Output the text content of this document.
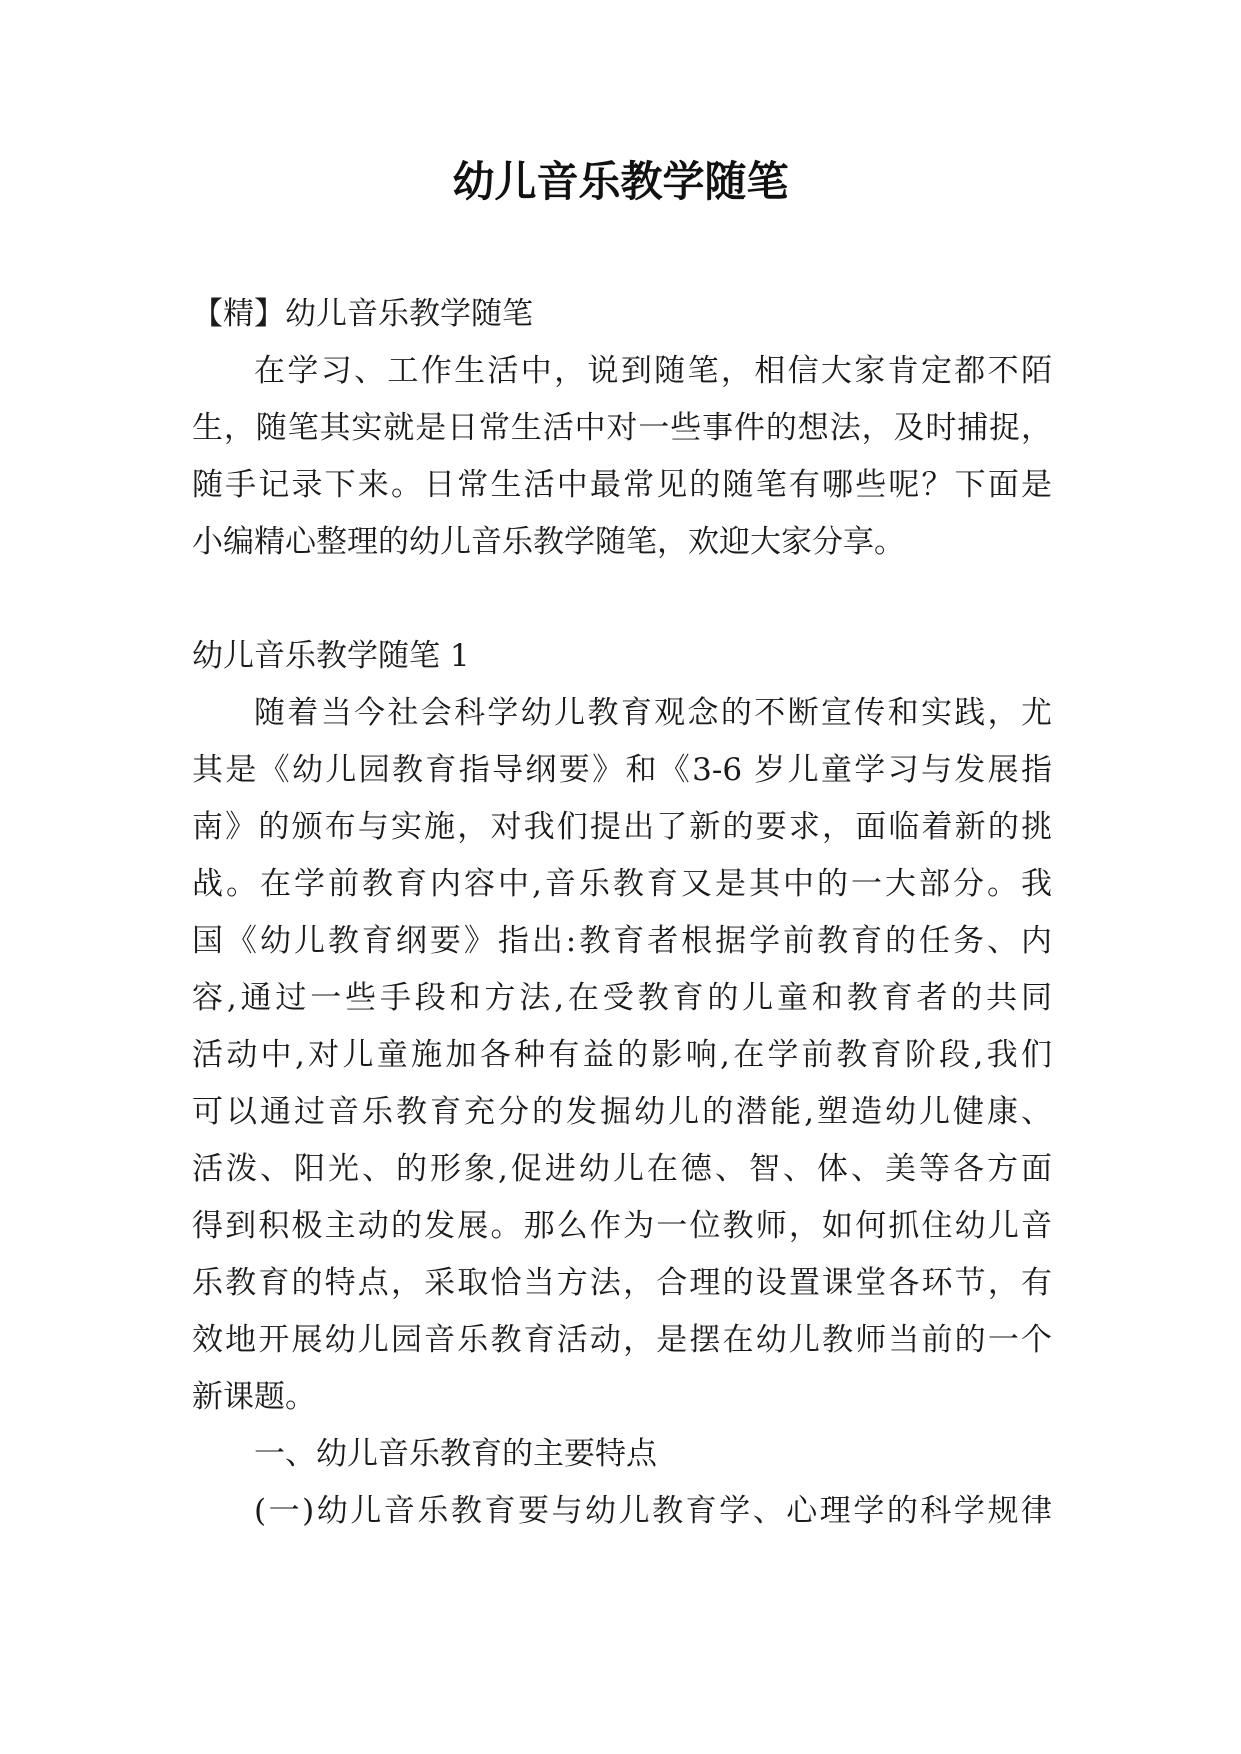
幼儿音乐教学随笔
【精】幼儿音乐教学随笔
在学习、工作生活中，说到随笔，相信大家肯定都不陌
生，随笔其实就是日常生活中对一些事件的想法，及时捕捉，
随手记录下来。日常生活中最常见的随笔有哪些呢？下面是
小编精心整理的幼儿音乐教学随笔，欢迎大家分享。
幼儿音乐教学随笔 1
随着当今社会科学幼儿教育观念的不断宣传和实践，尤
其是《幼儿园教育指导纲要》和《3-6 岁儿童学习与发展指
南》的颁布与实施，对我们提出了新的要求，面临着新的挑
战。在学前教育内容中,音乐教育又是其中的一大部分。我
国《幼儿教育纲要》指出:教育者根据学前教育的任务、内
容,通过一些手段和方法,在受教育的儿童和教育者的共同
活动中,对儿童施加各种有益的影响,在学前教育阶段,我们
可以通过音乐教育充分的发掘幼儿的潜能,塑造幼儿健康、
活泼、阳光、的形象,促进幼儿在德、智、体、美等各方面
得到积极主动的发展。那么作为一位教师，如何抓住幼儿音
乐教育的特点，采取恰当方法，合理的设置课堂各环节，有
效地开展幼儿园音乐教育活动，是摆在幼儿教师当前的一个
新课题。
一、幼儿音乐教育的主要特点
(一)幼儿音乐教育要与幼儿教育学、心理学的科学规律
